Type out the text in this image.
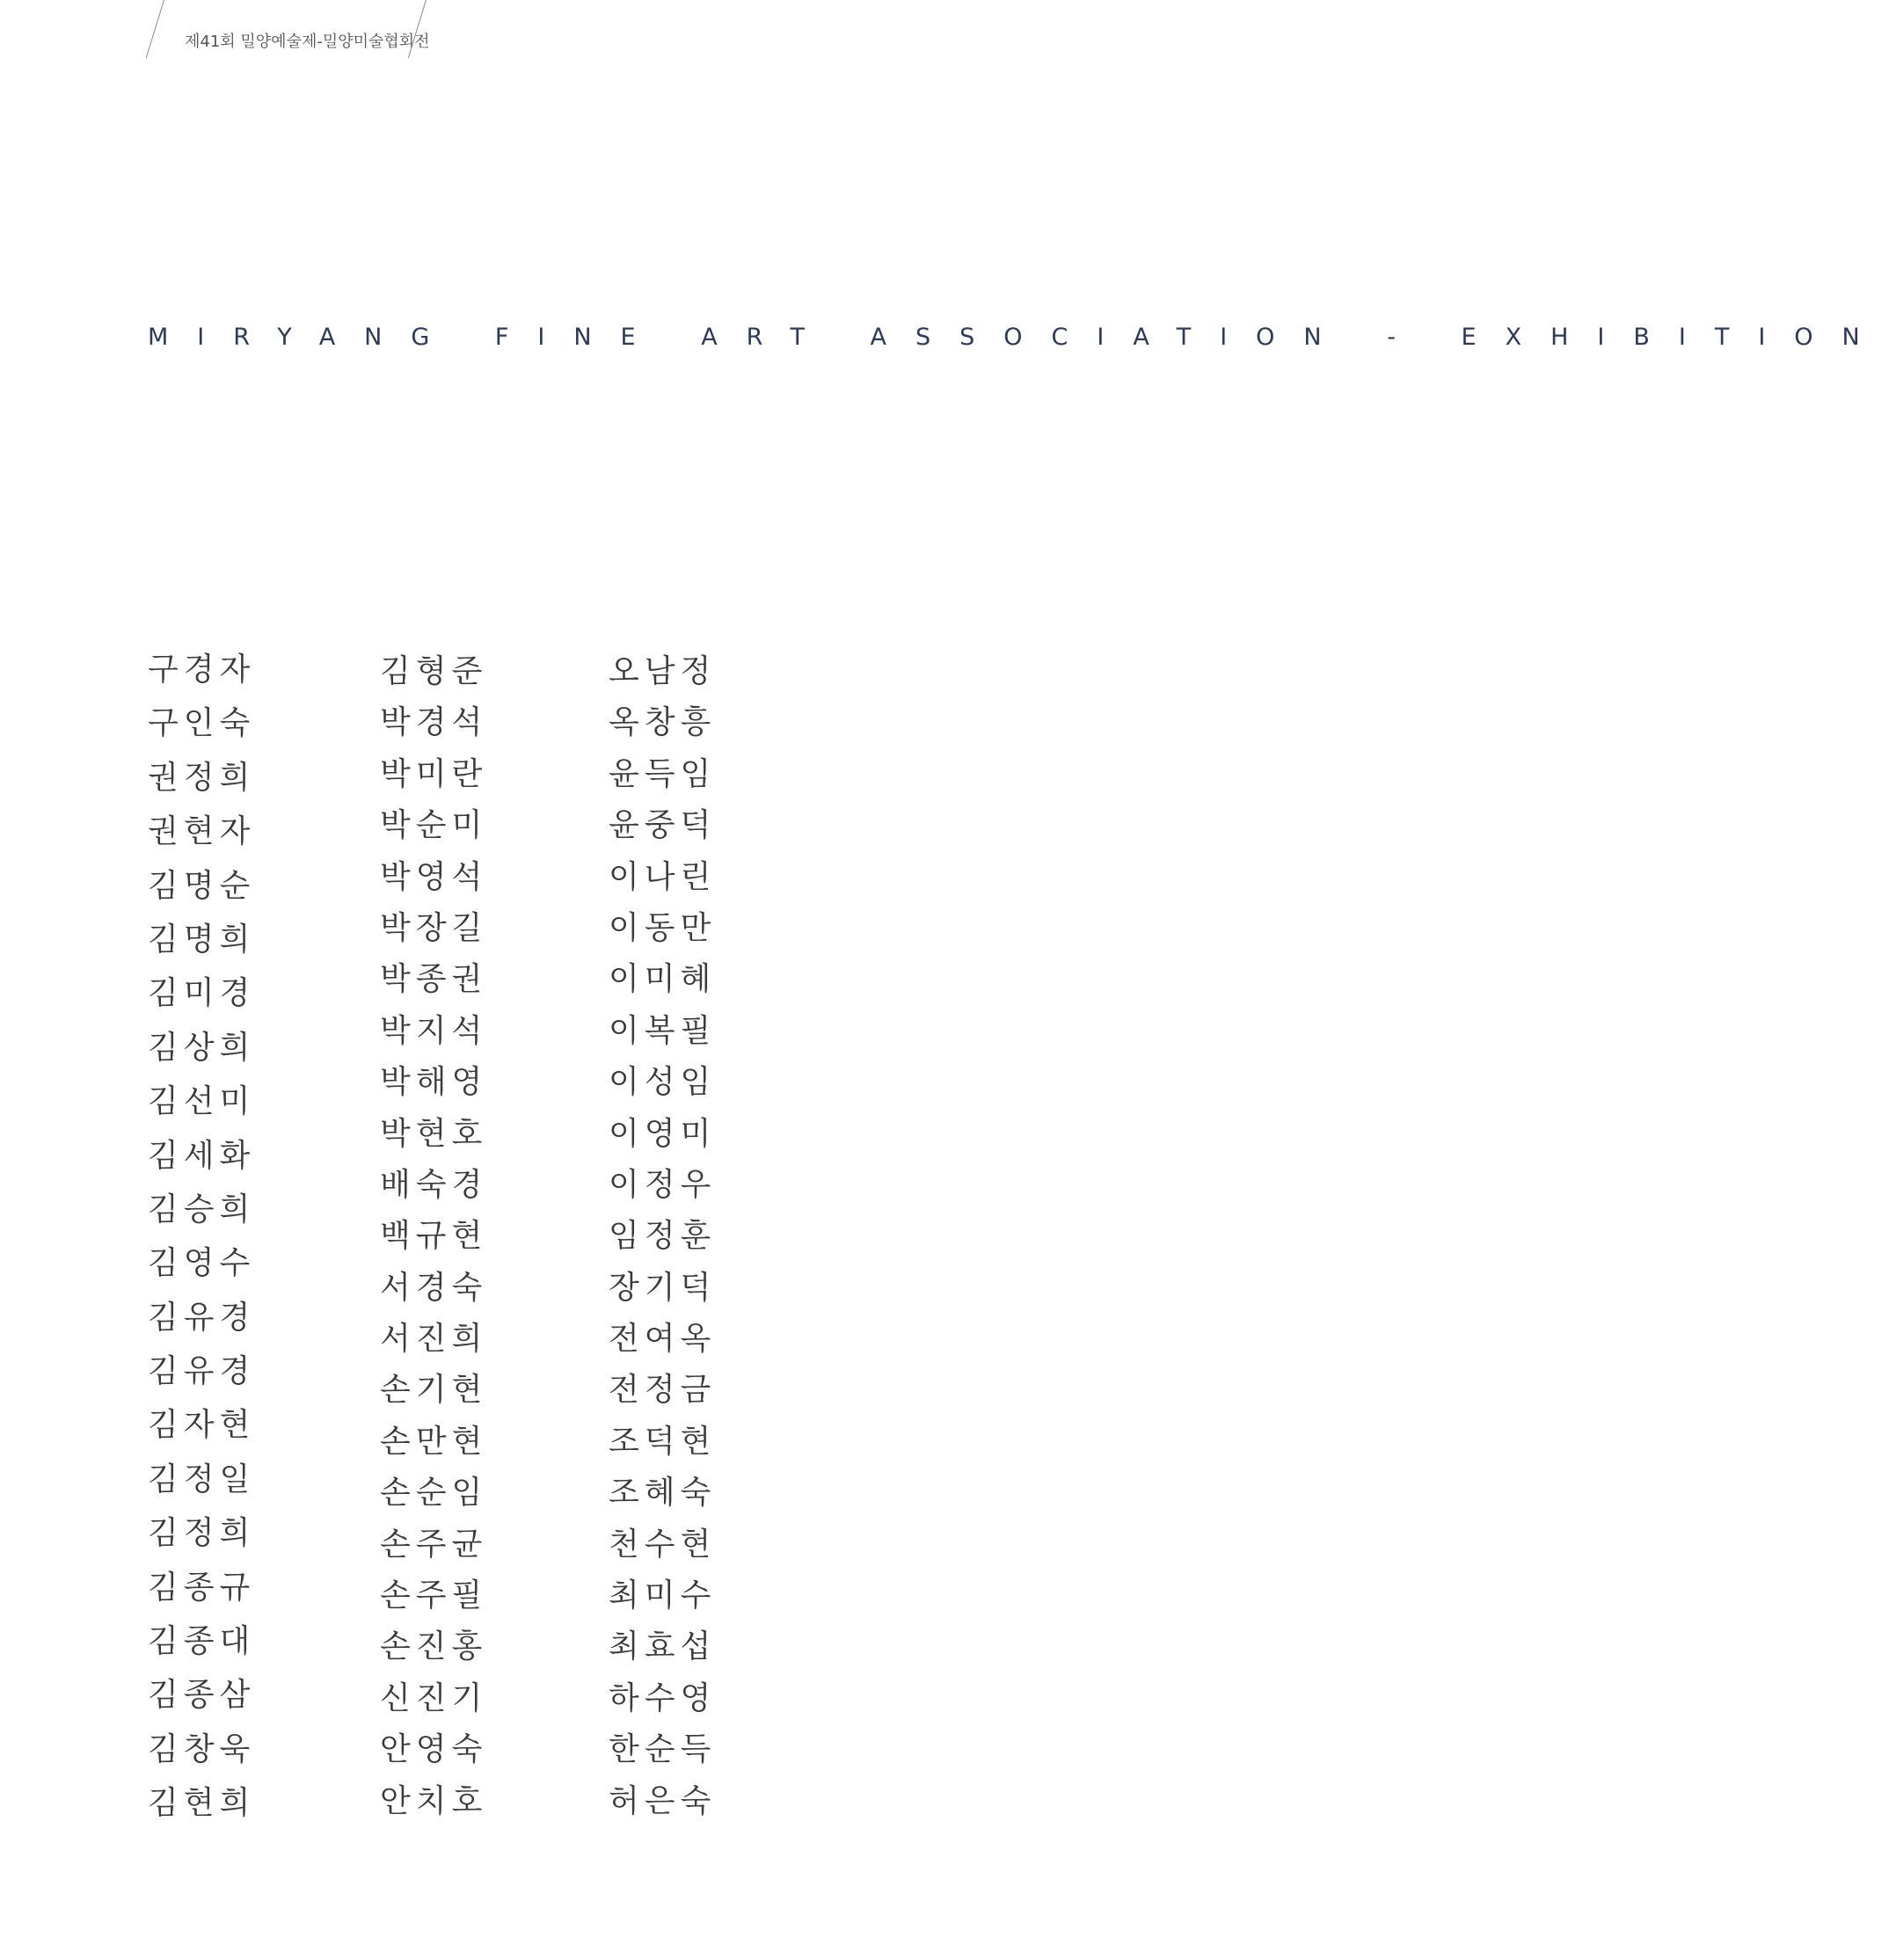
제41회 밀양예술제-밀양미술협회전
MIRYANG FINE ART ASSOCIATION - EXHIBITION
구경자
구인숙
권정희
권현자
김명순
김명희
김미경
김상희
김선미
김세화
김승희
김영수
김유경
김유경
김자현
김정일
김정희
김종규
김종대
김종삼
김창욱
김현희
김형준
박경석
박미란
박순미
박영석
박장길
박종권
박지석
박해영
박현호
배숙경
백규현
서경숙
서진희
손기현
손만현
손순임
손주균
손주필
손진홍
신진기
안영숙
안치호
오남정
옥창흥
윤득임
윤중덕
이나린
이동만
이미혜
이복필
이성임
이영미
이정우
임정훈
장기덕
전여옥
전정금
조덕현
조혜숙
천수현
최미수
최효섭
하수영
한순득
허은숙
